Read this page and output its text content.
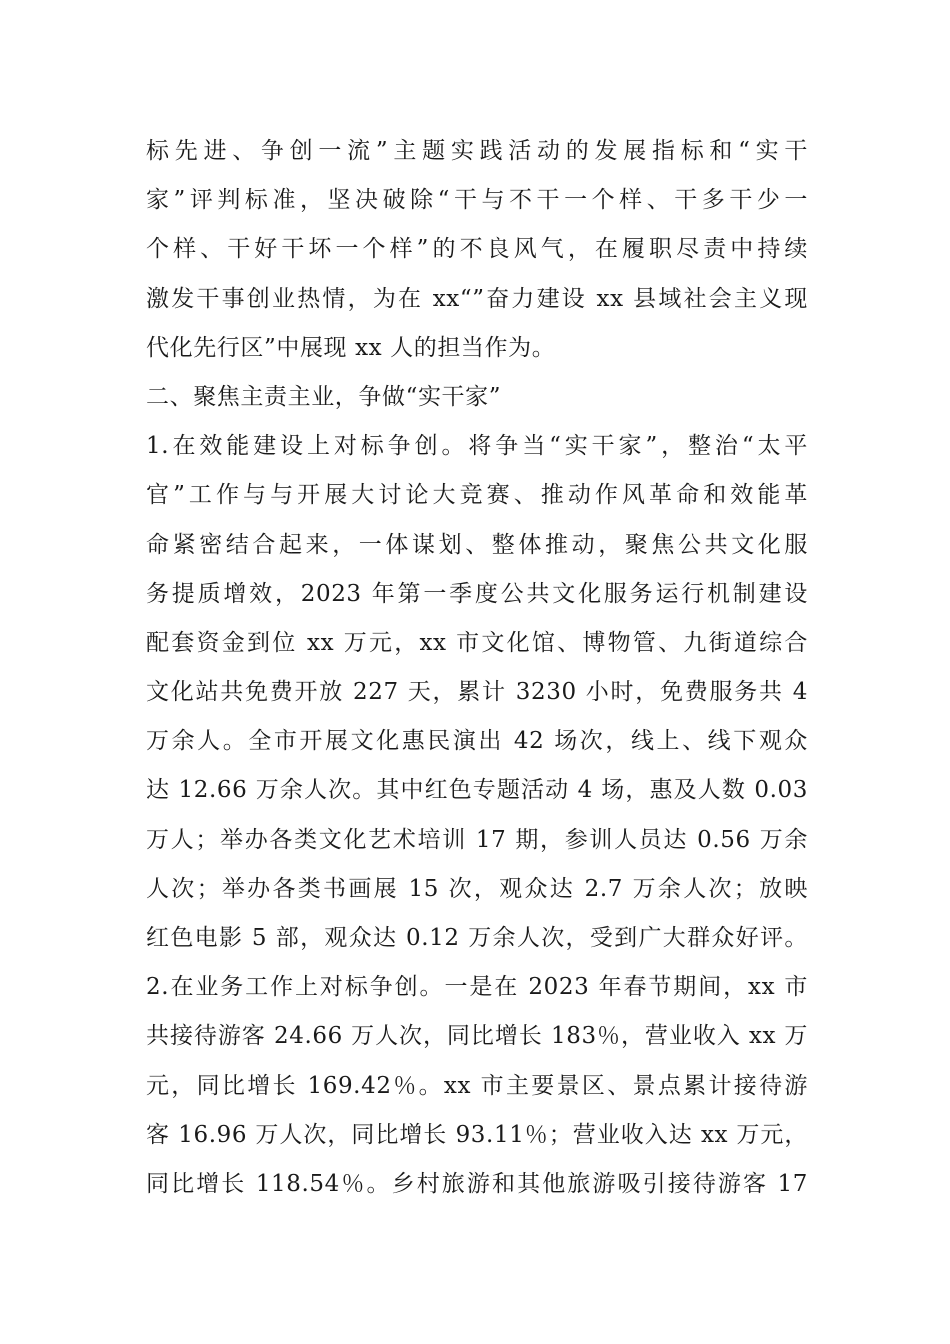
标先进、争创一流”主题实践活动的发展指标和“实干
家”评判标准，坚决破除“干与不干一个样、干多干少一
个样、干好干坏一个样”的不良风气，在履职尽责中持续
激发干事创业热情，为在 xx“”奋力建设 xx 县域社会主义现
代化先行区”中展现 xx 人的担当作为。
二、聚焦主责主业，争做“实干家”
1.在效能建设上对标争创。将争当“实干家”，整治“太平
官”工作与与开展大讨论大竞赛、推动作风革命和效能革
命紧密结合起来，一体谋划、整体推动，聚焦公共文化服
务提质增效，2023 年第一季度公共文化服务运行机制建设
配套资金到位 xx 万元，xx 市文化馆、博物管、九街道综合
文化站共免费开放 227 天，累计 3230 小时，免费服务共 4
万余人。全市开展文化惠民演出 42 场次，线上、线下观众
达 12.66 万余人次。其中红色专题活动 4 场，惠及人数 0.03
万人；举办各类文化艺术培训 17 期，参训人员达 0.56 万余
人次；举办各类书画展 15 次，观众达 2.7 万余人次；放映
红色电影 5 部，观众达 0.12 万余人次，受到广大群众好评。
2.在业务工作上对标争创。一是在 2023 年春节期间，xx 市
共接待游客 24.66 万人次，同比增长 183％，营业收入 xx 万
元，同比增长 169.42％。xx 市主要景区、景点累计接待游
客 16.96 万人次，同比增长 93.11％；营业收入达 xx 万元，
同比增长 118.54％。乡村旅游和其他旅游吸引接待游客 17
